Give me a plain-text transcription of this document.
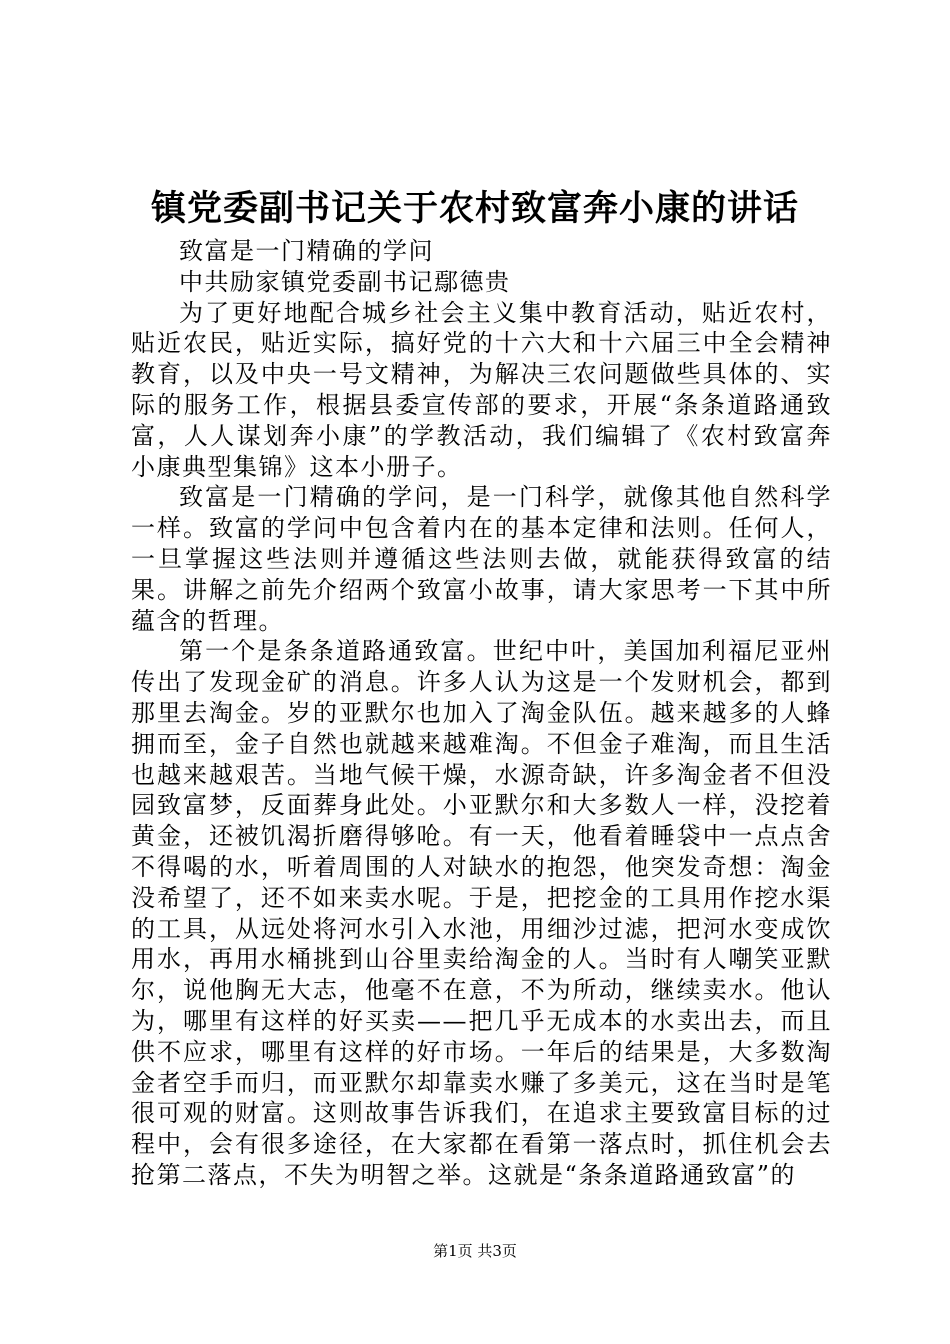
镇党委副书记关于农村致富奔小康的讲话

致富是一门精确的学问

中共励家镇党委副书记鄢德贵

为了更好地配合城乡社会主义集中教育活动，贴近农村，贴近农民，贴近实际，搞好党的十六大和十六届三中全会精神教育，以及中央一号文精神，为解决三农问题做些具体的、实际的服务工作，根据县委宣传部的要求，开展“条条道路通致富，人人谋划奔小康”的学教活动，我们编辑了《农村致富奔小康典型集锦》这本小册子。

致富是一门精确的学问，是一门科学，就像其他自然科学一样。致富的学问中包含着内在的基本定律和法则。任何人，一旦掌握这些法则并遵循这些法则去做，就能获得致富的结果。讲解之前先介绍两个致富小故事，请大家思考一下其中所蕴含的哲理。

第一个是条条道路通致富。世纪中叶，美国加利福尼亚州传出了发现金矿的消息。许多人认为这是一个发财机会，都到那里去淘金。岁的亚默尔也加入了淘金队伍。越来越多的人蜂拥而至，金子自然也就越来越难淘。不但金子难淘，而且生活也越来越艰苦。当地气候干燥，水源奇缺，许多淘金者不但没园致富梦，反面葬身此处。小亚默尔和大多数人一样，没挖着黄金，还被饥渴折磨得够呛。有一天，他看着睡袋中一点点舍不得喝的水，听着周围的人对缺水的抱怨，他突发奇想：淘金没希望了，还不如来卖水呢。于是，把挖金的工具用作挖水渠的工具，从远处将河水引入水池，用细沙过滤，把河水变成饮用水，再用水桶挑到山谷里卖给淘金的人。当时有人嘲笑亚默尔，说他胸无大志，他毫不在意，不为所动，继续卖水。他认为，哪里有这样的好买卖——把几乎无成本的水卖出去，而且供不应求，哪里有这样的好市场。一年后的结果是，大多数淘金者空手而归，而亚默尔却靠卖水赚了多美元，这在当时是笔很可观的财富。这则故事告诉我们，在追求主要致富目标的过程中，会有很多途径，在大家都在看第一落点时，抓住机会去抢第二落点，不失为明智之举。这就是“条条道路通致富”的

第1页 共3页
